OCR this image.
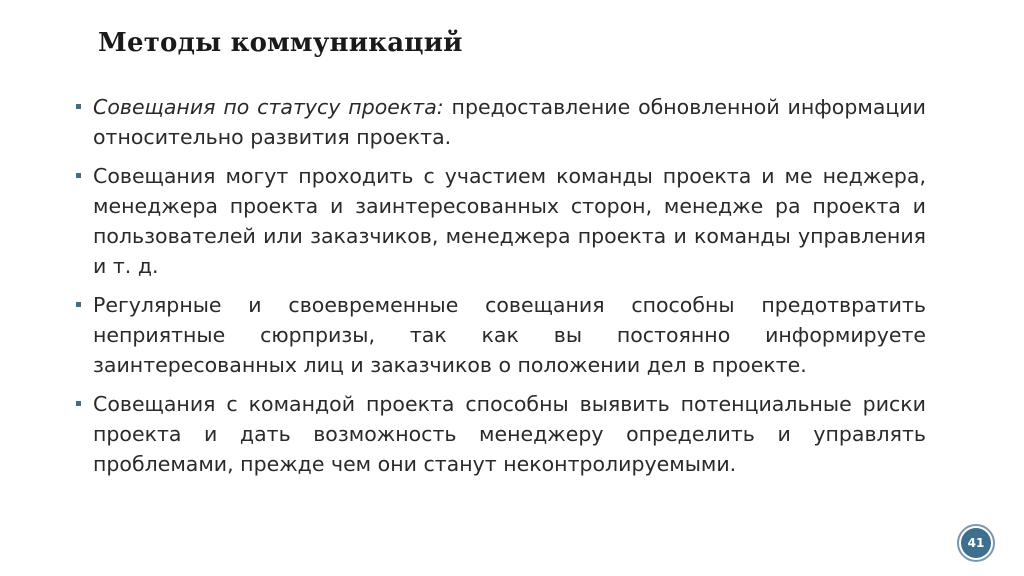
Методы коммуникаций
Совещания по статусу проекта: предоставление обновленной информации относительно развития проекта.
Совещания могут проходить с участием команды проекта и ме неджера, менеджера проекта и заинтересованных сторон, менедже ра проекта и пользователей или заказчиков, менеджера проекта и команды управления и т. д.
Регулярные и своевременные совещания способны предотвратить неприятные сюрпризы, так как вы постоянно информируете заинтересованных лиц и заказчиков о положении дел в проекте.
Совещания с командой проекта способны выявить потенциальные риски проекта и дать возможность менеджеру определить и управлять проблемами, прежде чем они станут неконтролируемыми.
41
